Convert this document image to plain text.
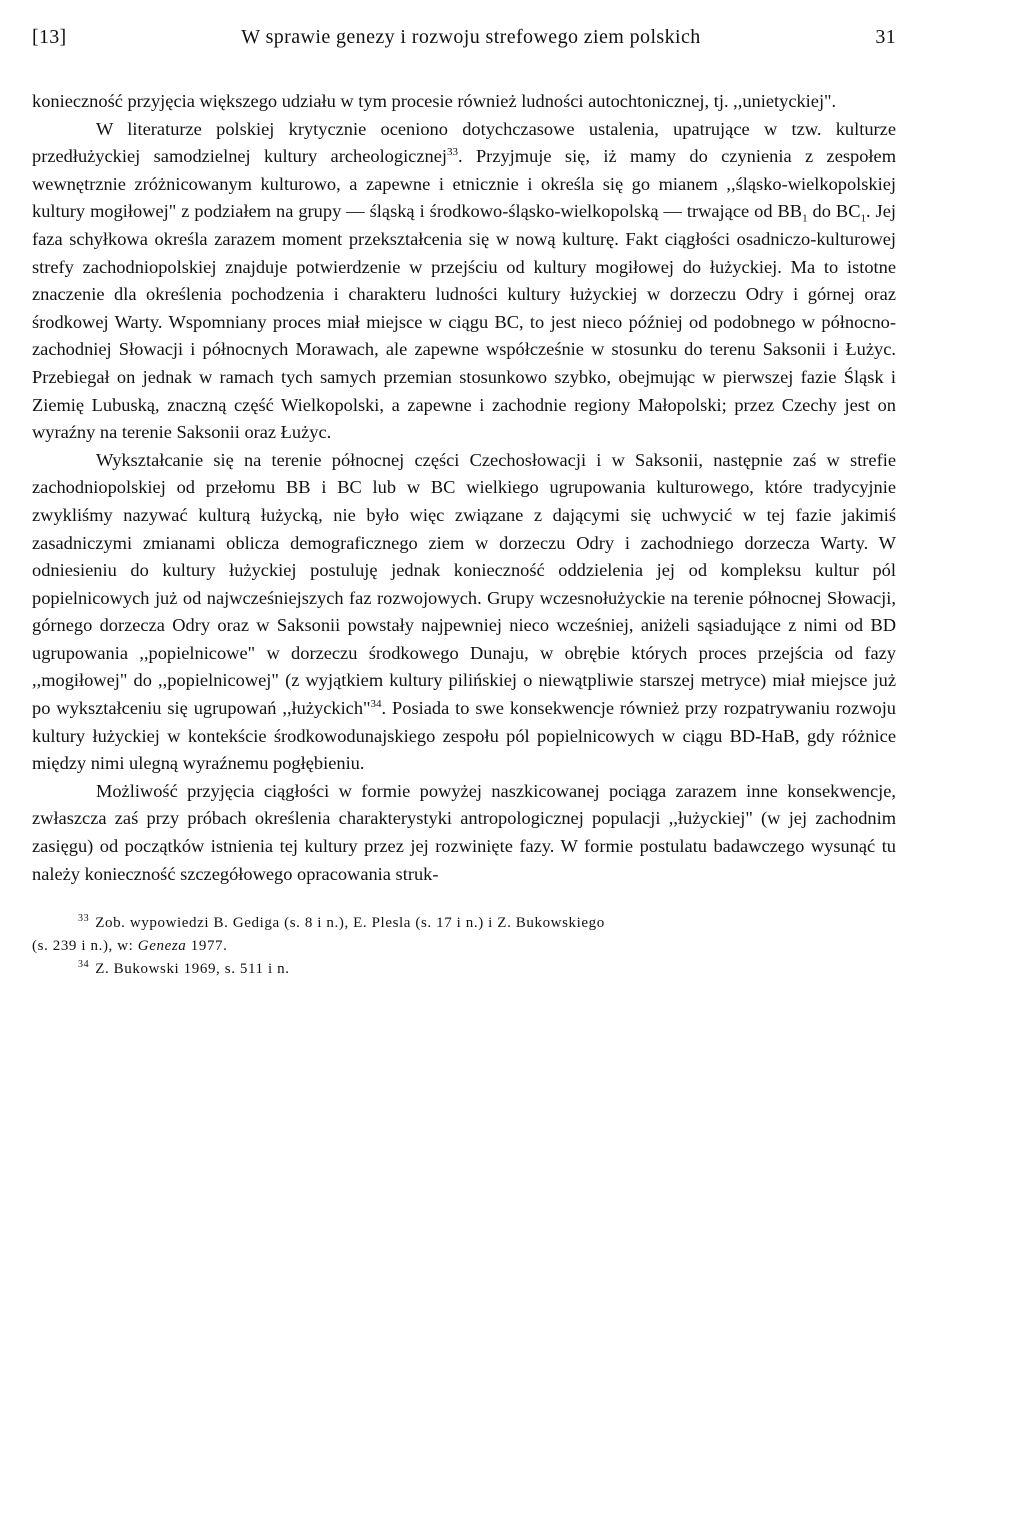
[13]	W sprawie genezy i rozwoju strefowego ziem polskich	31

konieczność przyjęcia większego udziału w tym procesie również ludności autochtonicznej, tj. ,,unietyckiej".

W literaturze polskiej krytycznie oceniono dotychczasowe ustalenia, upatrujące w tzw. kulturze przedłużyckiej samodzielnej kultury archeologicznej$^{33}$. Przyjmuje się, iż mamy do czynienia z zespołem wewnętrznie zróżnicowanym kulturowo, a zapewne i etnicznie i określa się go mianem ,,śląsko-wielkopolskiej kultury mogiłowej" z podziałem na grupy — śląską i środkowo-śląsko-wielkopolską — trwające od $BB_1$ do $BC_1$. Jej faza schyłkowa określa zarazem moment przekształcenia się w nową kulturę. Fakt ciągłości osadniczo-kulturowej strefy zachodniopolskiej znajduje potwierdzenie w przejściu od kultury mogiłowej do łużyckiej. Ma to istotne znaczenie dla określenia pochodzenia i charakteru ludności kultury łużyckiej w dorzeczu Odry i górnej oraz środkowej Warty. Wspomniany proces miał miejsce w ciągu BC, to jest nieco później od podobnego w północno-zachodniej Słowacji i północnych Morawach, ale zapewne współcześnie w stosunku do terenu Saksonii i Łużyc. Przebiegał on jednak w ramach tych samych przemian stosunkowo szybko, obejmując w pierwszej fazie Śląsk i Ziemię Lubuską, znaczną część Wielkopolski, a zapewne i zachodnie regiony Małopolski; przez Czechy jest on wyraźny na terenie Saksonii oraz Łużyc.

Wykształcanie się na terenie północnej części Czechosłowacji i w Saksonii, następnie zaś w strefie zachodniopolskiej od przełomu BB i BC lub w BC wielkiego ugrupowania kulturowego, które tradycyjnie zwykliśmy nazywać kulturą łużycką, nie było więc związane z dającymi się uchwycić w tej fazie jakimiś zasadniczymi zmianami oblicza demograficznego ziem w dorzeczu Odry i zachodniego dorzecza Warty. W odniesieniu do kultury łużyckiej postuluję jednak konieczność oddzielenia jej od kompleksu kultur pól popielnicowych już od najwcześniejszych faz rozwojowych. Grupy wczesnołużyckie na terenie północnej Słowacji, górnego dorzecza Odry oraz w Saksonii powstały najpewniej nieco wcześniej, aniżeli sąsiadujące z nimi od BD ugrupowania ,,popielnicowe" w dorzeczu środkowego Dunaju, w obrębie których proces przejścia od fazy ,,mogiłowej" do ,,popielnicowej" (z wyjątkiem kultury pilińskiej o niewątpliwie starszej metryce) miał miejsce już po wykształceniu się ugrupowań ,,łużyckich"$^{34}$. Posiada to swe konsekwencje również przy rozpatrywaniu rozwoju kultury łużyckiej w kontekście środkowodunajskiego zespołu pól popielnicowych w ciągu BD-HaB, gdy różnice między nimi ulegną wyraźnemu pogłębieniu.

Możliwość przyjęcia ciągłości w formie powyżej naszkicowanej pociąga zarazem inne konsekwencje, zwłaszcza zaś przy próbach określenia charakterystyki antropologicznej populacji ,,łużyckiej" (w jej zachodnim zasięgu) od początków istnienia tej kultury przez jej rozwinięte fazy. W formie postulatu badawczego wysunąć tu należy konieczność szczegółowego opracowania struk-

$^{33}$ Zob. wypowiedzi B. Gediga (s. 8 i n.), E. Plesla (s. 17 i n.) i Z. Bukowskiego

(s. 239 i n.), w: Geneza 1977.

$^{34}$ Z. Bukowski 1969, s. 511 i n.
